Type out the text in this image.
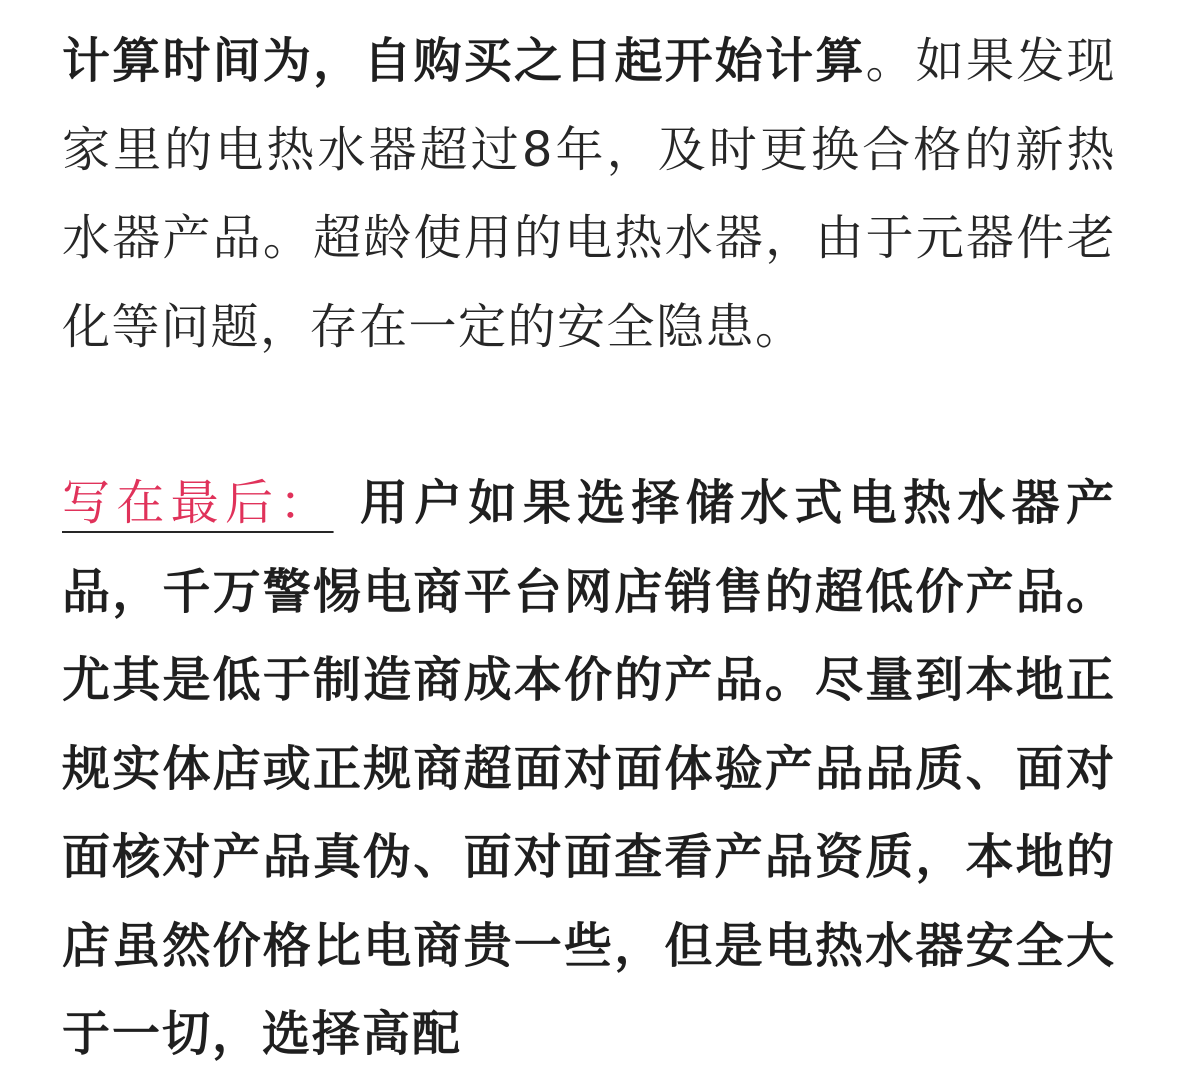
计算时间为，自购买之日起开始计算。如果发现家里的电热水器超过8年，及时更换合格的新热水器产品。超龄使用的电热水器，由于元器件老化等问题，存在一定的安全隐患。

写在最后： 用户如果选择储水式电热水器产品，千万警惕电商平台网店销售的超低价产品。尤其是低于制造商成本价的产品。尽量到本地正规实体店或正规商超面对面体验产品品质、面对面核对产品真伪、面对面查看产品资质，本地的店虽然价格比电商贵一些，但是电热水器安全大于一切，选择高配
